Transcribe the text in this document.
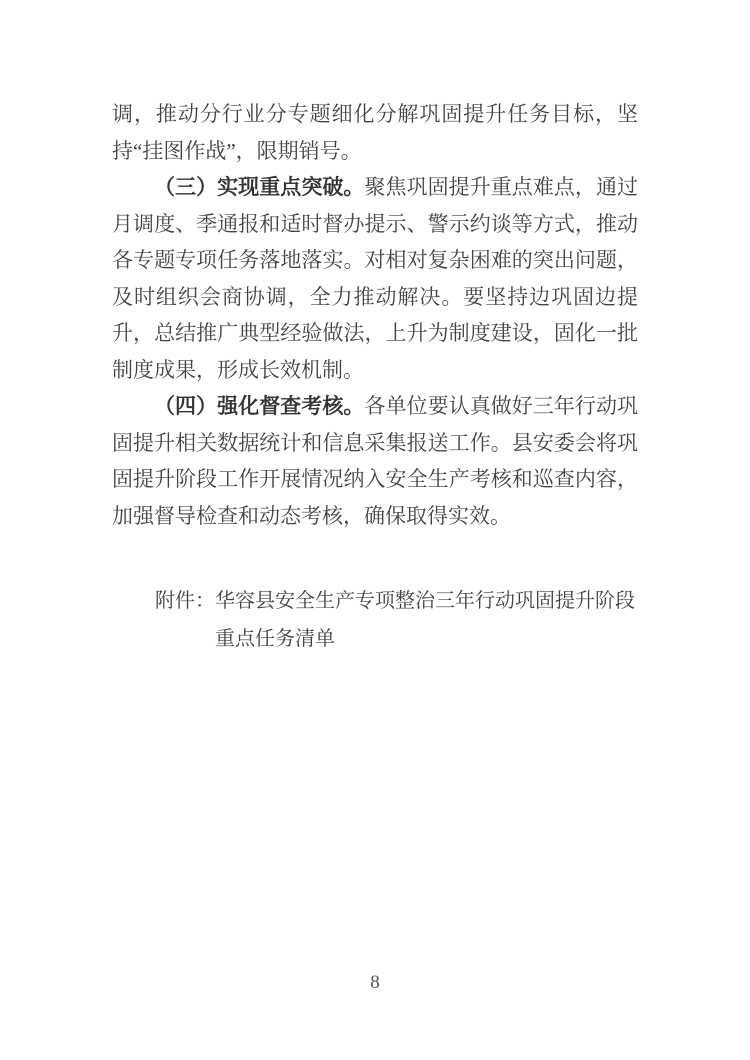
调，推动分行业分专题细化分解巩固提升任务目标，坚持“挂图作战”，限期销号。

（三）实现重点突破。聚焦巩固提升重点难点，通过月调度、季通报和适时督办提示、警示约谈等方式，推动各专题专项任务落地落实。对相对复杂困难的突出问题，及时组织会商协调，全力推动解决。要坚持边巩固边提升，总结推广典型经验做法，上升为制度建设，固化一批制度成果，形成长效机制。

（四）强化督查考核。各单位要认真做好三年行动巩固提升相关数据统计和信息采集报送工作。县安委会将巩固提升阶段工作开展情况纳入安全生产考核和巡查内容，加强督导检查和动态考核，确保取得实效。

附件：华容县安全生产专项整治三年行动巩固提升阶段重点任务清单
8
